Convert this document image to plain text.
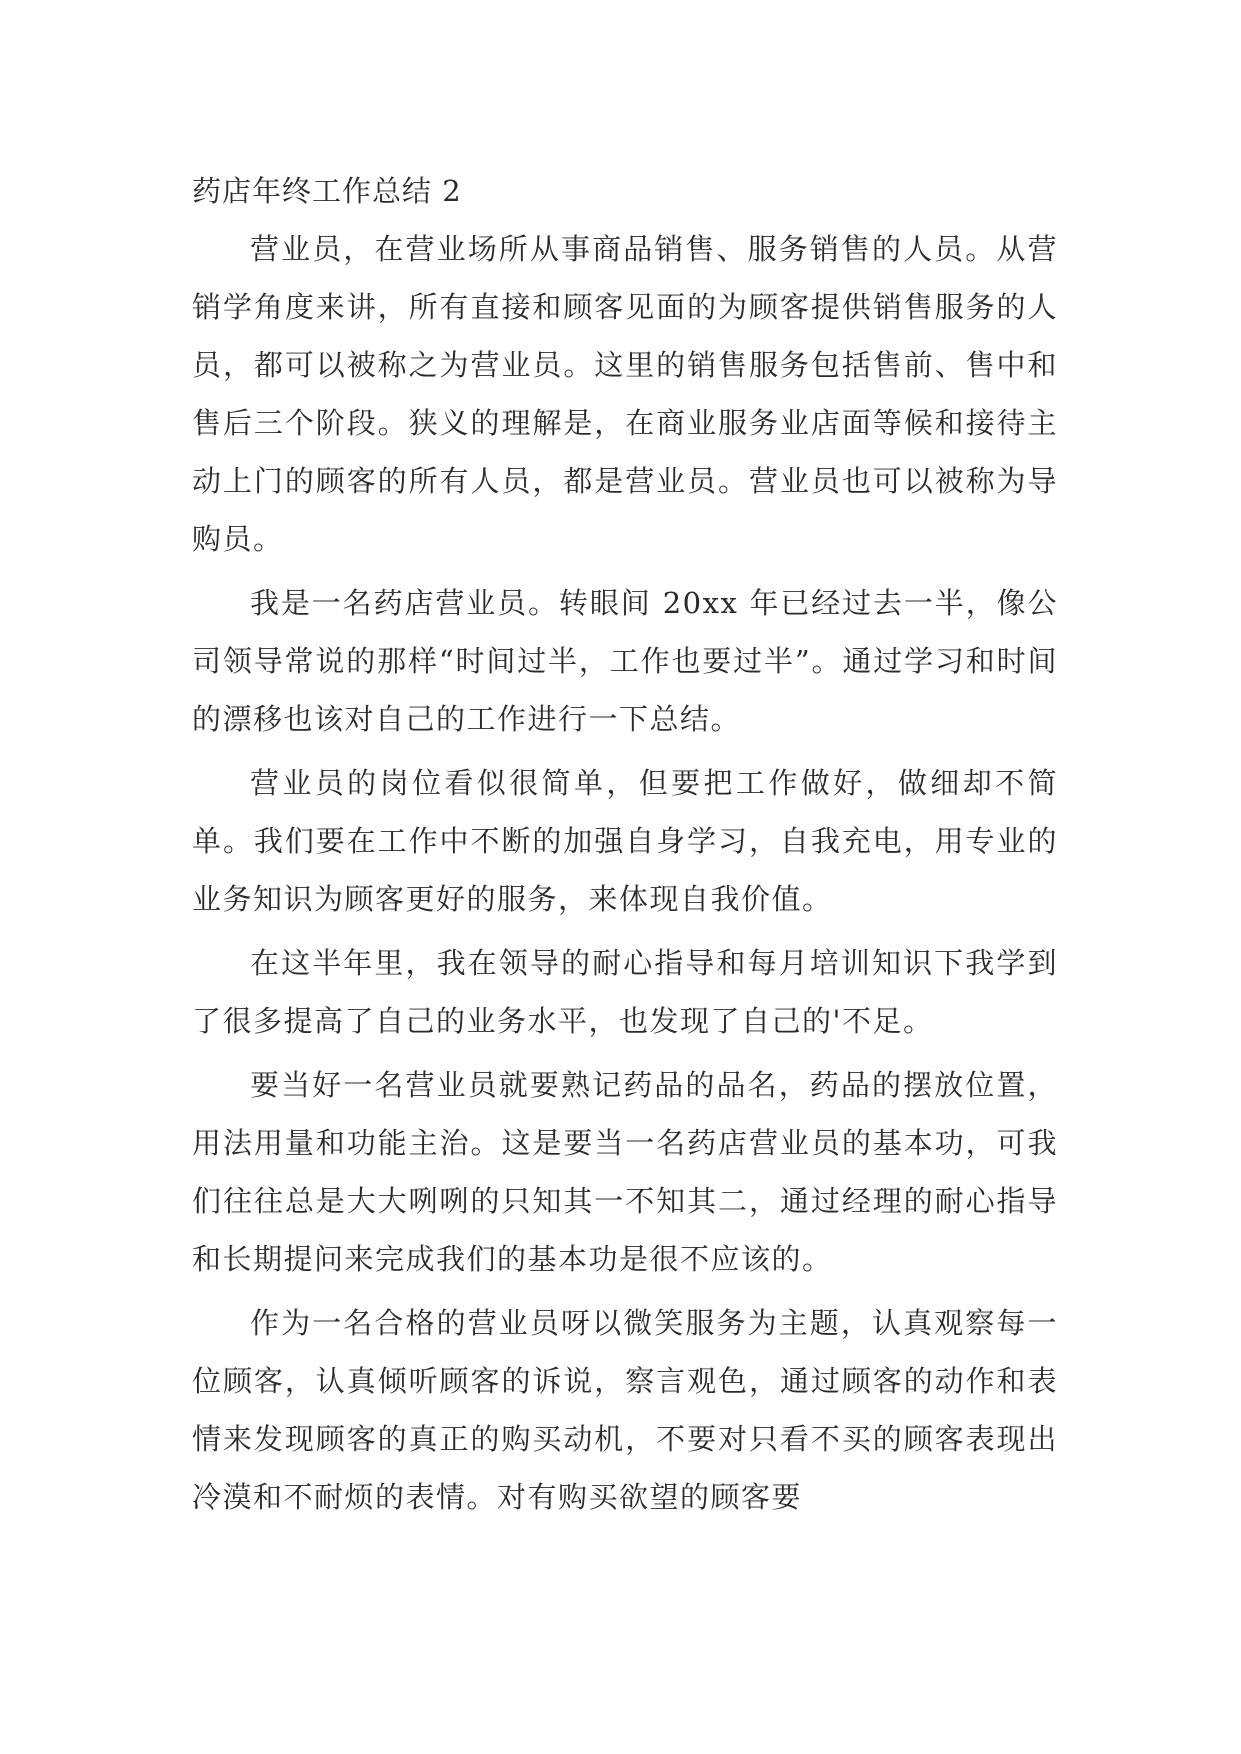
药店年终工作总结 2

营业员，在营业场所从事商品销售、服务销售的人员。从营销学角度来讲，所有直接和顾客见面的为顾客提供销售服务的人员，都可以被称之为营业员。这里的销售服务包括售前、售中和售后三个阶段。狭义的理解是，在商业服务业店面等候和接待主动上门的顾客的所有人员，都是营业员。营业员也可以被称为导购员。

我是一名药店营业员。转眼间 20xx 年已经过去一半，像公司领导常说的那样“时间过半，工作也要过半”。通过学习和时间的漂移也该对自己的工作进行一下总结。

营业员的岗位看似很简单，但要把工作做好，做细却不简单。我们要在工作中不断的加强自身学习，自我充电，用专业的业务知识为顾客更好的服务，来体现自我价值。

在这半年里，我在领导的耐心指导和每月培训知识下我学到了很多提高了自己的业务水平，也发现了自己的'不足。

要当好一名营业员就要熟记药品的品名，药品的摆放位置，用法用量和功能主治。这是要当一名药店营业员的基本功，可我们往往总是大大咧咧的只知其一不知其二，通过经理的耐心指导和长期提问来完成我们的基本功是很不应该的。

作为一名合格的营业员呀以微笑服务为主题，认真观察每一位顾客，认真倾听顾客的诉说，察言观色，通过顾客的动作和表情来发现顾客的真正的购买动机，不要对只看不买的顾客表现出冷漠和不耐烦的表情。对有购买欲望的顾客要
